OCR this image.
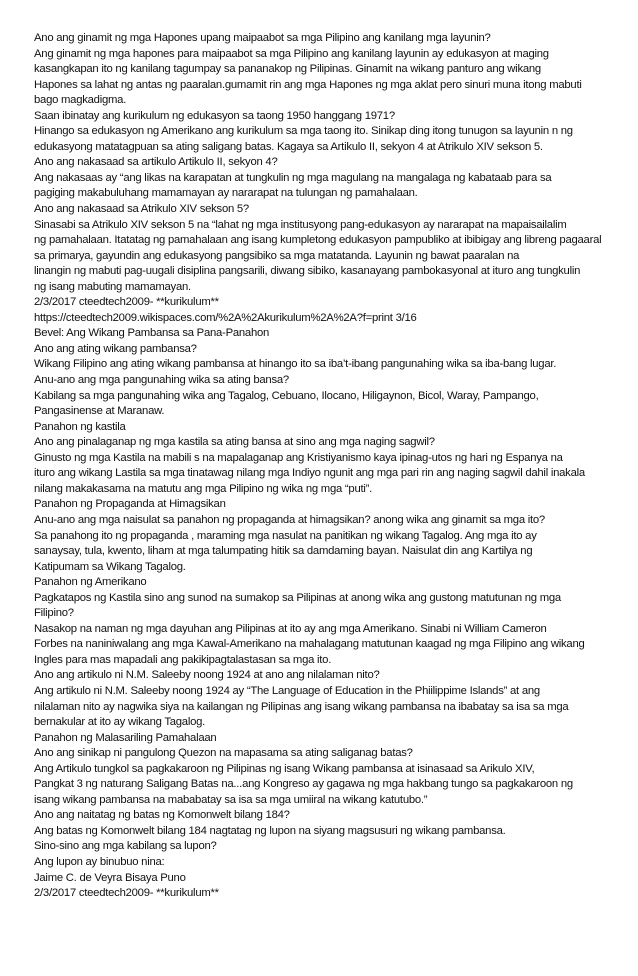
Ano ang ginamit ng mga Hapones upang maipaabot sa mga Pilipino ang kanilang mga layunin?
Ang ginamit ng mga hapones para maipaabot sa mga Pilipino ang kanilang layunin ay edukasyon at maging
kasangkapan ito ng kanilang tagumpay sa pananakop ng Pilipinas. Ginamit na wikang panturo ang wikang
Hapones sa lahat ng antas ng paaralan.gumamit rin ang mga Hapones ng mga aklat pero sinuri muna itong mabuti
bago magkadigma.
Saan ibinatay ang kurikulum ng edukasyon sa taong 1950 hanggang 1971?
Hinango sa edukasyon ng Amerikano ang kurikulum sa mga taong ito. Sinikap ding itong tunugon sa layunin n ng
edukasyong matatagpuan sa ating saligang batas. Kagaya sa Artikulo II, sekyon 4 at Atrikulo XIV sekson 5.
Ano ang nakasaad sa artikulo Artikulo II, sekyon 4?
Ang nakasaas ay “ang likas na karapatan at tungkulin ng mga magulang na mangalaga ng kabataab para sa
pagiging makabuluhang mamamayan ay nararapat na tulungan ng pamahalaan.
Ano ang nakasaad sa Atrikulo XIV sekson 5?
Sinasabi sa Atrikulo XIV sekson 5 na “lahat ng mga institusyong pang-edukasyon ay nararapat na mapaisailalim
ng pamahalaan. Itatatag ng pamahalaan ang isang kumpletong edukasyon pampubliko at ibibigay ang libreng pagaaral
sa primarya, gayundin ang edukasyong pangsibiko sa mga matatanda. Layunin ng bawat paaralan na
linangin ng mabuti pag-uugali disiplina pangsarili, diwang sibiko, kasanayang pambokasyonal at ituro ang tungkulin
ng isang mabuting mamamayan.
2/3/2017 cteedtech2009- **kurikulum**
https://cteedtech2009.wikispaces.com/%2A%2Akurikulum%2A%2A?f=print 3/16
Bevel: Ang Wikang Pambansa sa Pana-Panahon
Ano ang ating wikang pambansa?
Wikang Filipino ang ating wikang pambansa at hinango ito sa iba’t-ibang pangunahing wika sa iba-bang lugar.
Anu-ano ang mga pangunahing wika sa ating bansa?
Kabilang sa mga pangunahing wika ang Tagalog, Cebuano, Ilocano, Hiligaynon, Bicol, Waray, Pampango,
Pangasinense at Maranaw.
Panahon ng kastila
Ano ang pinalaganap ng mga kastila sa ating bansa at sino ang mga naging sagwil?
Ginusto ng mga Kastila na mabili s na mapalaganap ang Kristiyanismo kaya ipinag-utos ng hari ng Espanya na
ituro ang wikang Lastila sa mga tinatawag nilang mga Indiyo ngunit ang mga pari rin ang naging sagwil dahil inakala
nilang makakasama na matutu ang mga Pilipino ng wika ng mga “puti”.
Panahon ng Propaganda at Himagsikan
Anu-ano ang mga naisulat sa panahon ng propaganda at himagsikan? anong wika ang ginamit sa mga ito?
Sa panahong ito ng propaganda , maraming mga nasulat na panitikan ng wikang Tagalog. Ang mga ito ay
sanaysay, tula, kwento, liham at mga talumpating hitik sa damdaming bayan. Naisulat din ang Kartilya ng
Katipumam sa Wikang Tagalog.
Panahon ng Amerikano
Pagkatapos ng Kastila sino ang sunod na sumakop sa Pilipinas at anong wika ang gustong matutunan ng mga
Filipino?
Nasakop na naman ng mga dayuhan ang Pilipinas at ito ay ang mga Amerikano. Sinabi ni William Cameron
Forbes na naniniwalang ang mga Kawal-Amerikano na mahalagang matutunan kaagad ng mga Filipino ang wikang
Ingles para mas mapadali ang pakikipagtalastasan sa mga ito.
Ano ang artikulo ni N.M. Saleeby noong 1924 at ano ang nilalaman nito?
Ang artikulo ni N.M. Saleeby noong 1924 ay “The Language of Education in the Phiilippime Islands” at ang
nilalaman nito ay nagwika siya na kailangan ng Pilipinas ang isang wikang pambansa na ibabatay sa isa sa mga
bernakular at ito ay wikang Tagalog.
Panahon ng Malasariling Pamahalaan
Ano ang sinikap ni pangulong Quezon na mapasama sa ating saliganag batas?
Ang Artikulo tungkol sa pagkakaroon ng Pilipinas ng isang Wikang pambansa at isinasaad sa Arikulo XIV,
Pangkat 3 ng naturang Saligang Batas na...ang Kongreso ay gagawa ng mga hakbang tungo sa pagkakaroon ng
isang wikang pambansa na mababatay sa isa sa mga umiiral na wikang katutubo.”
Ano ang naitatag ng batas ng Komonwelt bilang 184?
Ang batas ng Komonwelt bilang 184 nagtatag ng lupon na siyang magsusuri ng wikang pambansa.
Sino-sino ang mga kabilang sa lupon?
Ang lupon ay binubuo nina:
Jaime C. de Veyra Bisaya Puno
2/3/2017 cteedtech2009- **kurikulum**
